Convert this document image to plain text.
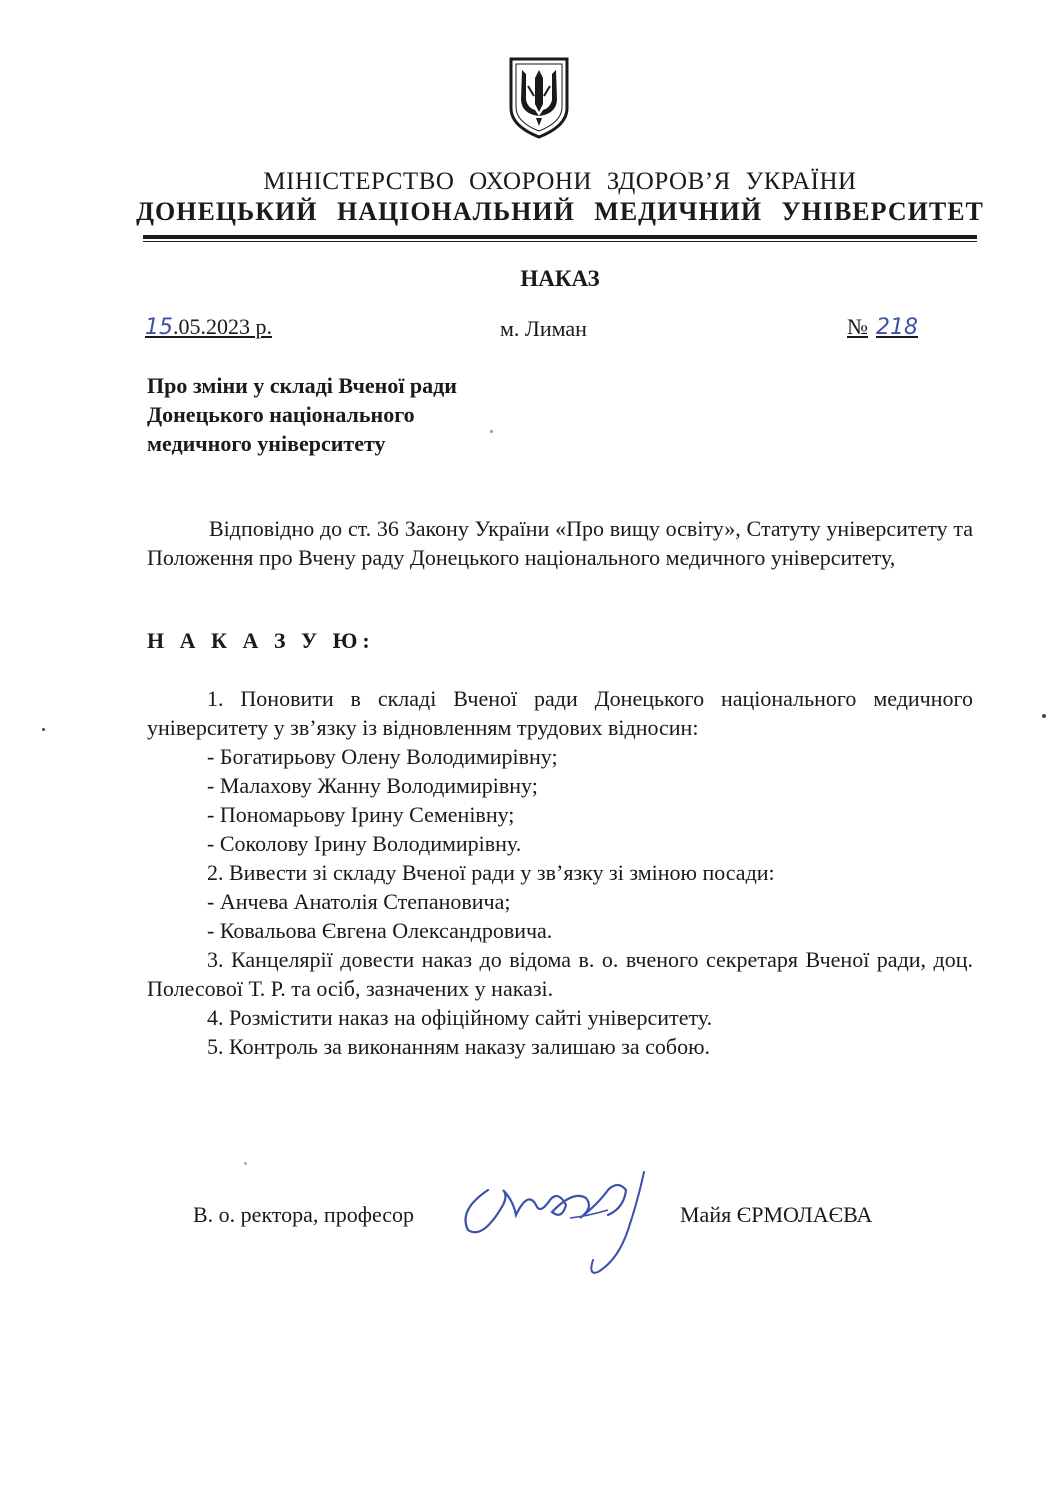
МІНІСТЕРСТВО ОХОРОНИ ЗДОРОВ’Я УКРАЇНИ
ДОНЕЦЬКИЙ НАЦІОНАЛЬНИЙ МЕДИЧНИЙ УНІВЕРСИТЕТ
НАКАЗ
15.05.2023 р.	м. Лиман	№ 218
Про зміни у складі Вченої ради
Донецького національного
медичного університету
Відповідно до ст. 36 Закону України «Про вищу освіту», Статуту університету та Положення про Вчену раду Донецького національного медичного університету,
Н А К А З У Ю:

1. Поновити в складі Вченої ради Донецького національного медичного університету у зв’язку із відновленням трудових відносин:

- Богатирьову Олену Володимирівну;

- Малахову Жанну Володимирівну;

- Пономарьову Ірину Семенівну;

- Соколову Ірину Володимирівну.

2. Вивести зі складу Вченої ради у зв’язку зі зміною посади:

- Анчева Анатолія Степановича;

- Ковальова Євгена Олександровича.

3. Канцелярії довести наказ до відома в. о. вченого секретаря Вченої ради, доц. Полесової Т. Р. та осіб, зазначених у наказі.

4. Розмістити наказ на офіційному сайті університету.

5. Контроль за виконанням наказу залишаю за собою.

В. о. ректора, професор	Майя ЄРМОЛАЄВА
